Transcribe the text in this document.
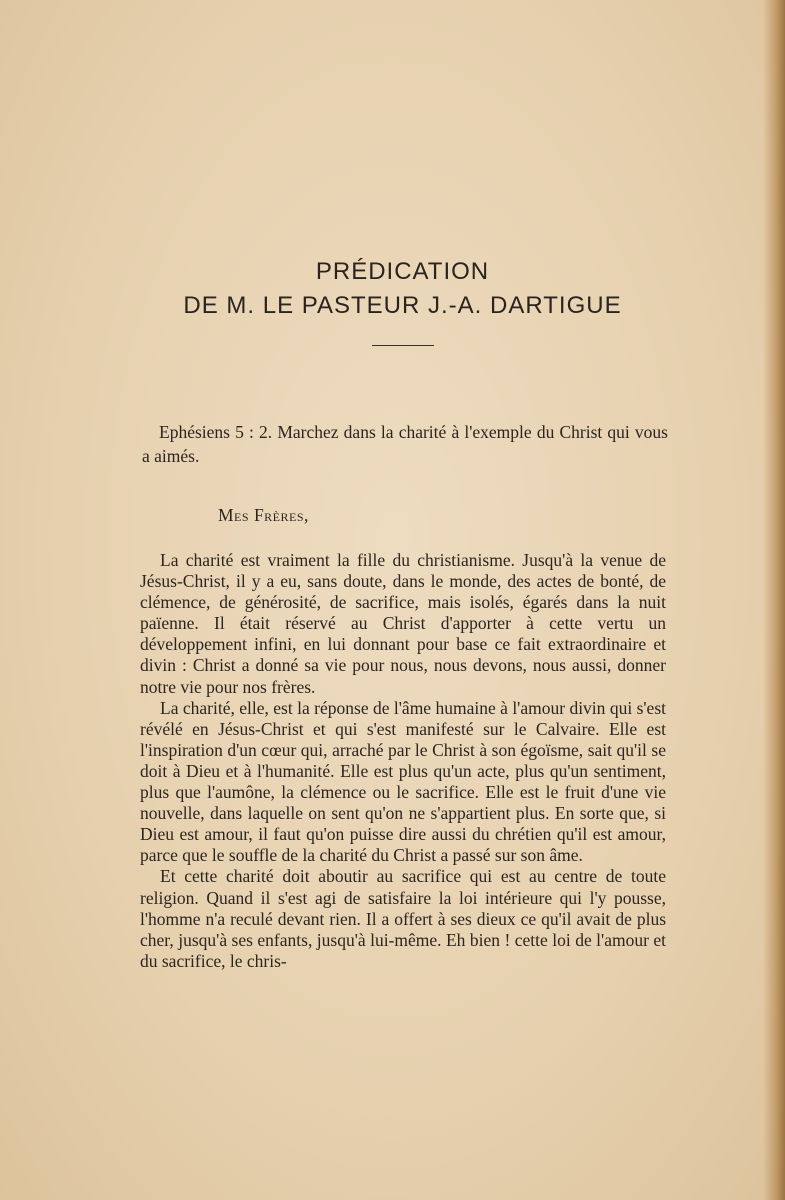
PRÉDICATION
DE M. LE PASTEUR J.-A. DARTIGUE
Ephésiens 5 : 2. Marchez dans la charité à l'exemple du Christ qui vous a aimés.
Mes Frères,

La charité est vraiment la fille du christianisme. Jusqu'à la venue de Jésus-Christ, il y a eu, sans doute, dans le monde, des actes de bonté, de clémence, de générosité, de sacrifice, mais isolés, égarés dans la nuit païenne. Il était réservé au Christ d'apporter à cette vertu un développement infini, en lui donnant pour base ce fait extraordinaire et divin : Christ a donné sa vie pour nous, nous devons, nous aussi, donner notre vie pour nos frères.

La charité, elle, est la réponse de l'âme humaine à l'amour divin qui s'est révélé en Jésus-Christ et qui s'est manifesté sur le Calvaire. Elle est l'inspiration d'un cœur qui, arraché par le Christ à son égoïsme, sait qu'il se doit à Dieu et à l'humanité. Elle est plus qu'un acte, plus qu'un sentiment, plus que l'aumône, la clémence ou le sacrifice. Elle est le fruit d'une vie nouvelle, dans laquelle on sent qu'on ne s'appartient plus. En sorte que, si Dieu est amour, il faut qu'on puisse dire aussi du chrétien qu'il est amour, parce que le souffle de la charité du Christ a passé sur son âme.

Et cette charité doit aboutir au sacrifice qui est au centre de toute religion. Quand il s'est agi de satisfaire la loi intérieure qui l'y pousse, l'homme n'a reculé devant rien. Il a offert à ses dieux ce qu'il avait de plus cher, jusqu'à ses enfants, jusqu'à lui-même. Eh bien ! cette loi de l'amour et du sacrifice, le chris-
